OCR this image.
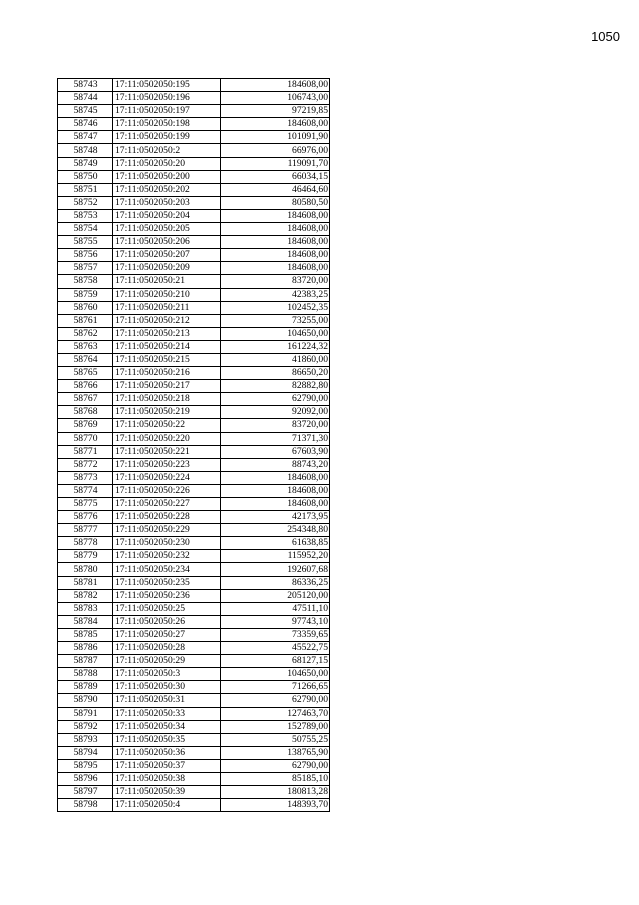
1050
58743	17:11:0502050:195	184608,00
58744	17:11:0502050:196	106743,00
58745	17:11:0502050:197	97219,85
58746	17:11:0502050:198	184608,00
58747	17:11:0502050:199	101091,90
58748	17:11:0502050:2	66976,00
58749	17:11:0502050:20	119091,70
58750	17:11:0502050:200	66034,15
58751	17:11:0502050:202	46464,60
58752	17:11:0502050:203	80580,50
58753	17:11:0502050:204	184608,00
58754	17:11:0502050:205	184608,00
58755	17:11:0502050:206	184608,00
58756	17:11:0502050:207	184608,00
58757	17:11:0502050:209	184608,00
58758	17:11:0502050:21	83720,00
58759	17:11:0502050:210	42383,25
58760	17:11:0502050:211	102452,35
58761	17:11:0502050:212	73255,00
58762	17:11:0502050:213	104650,00
58763	17:11:0502050:214	161224,32
58764	17:11:0502050:215	41860,00
58765	17:11:0502050:216	86650,20
58766	17:11:0502050:217	82882,80
58767	17:11:0502050:218	62790,00
58768	17:11:0502050:219	92092,00
58769	17:11:0502050:22	83720,00
58770	17:11:0502050:220	71371,30
58771	17:11:0502050:221	67603,90
58772	17:11:0502050:223	88743,20
58773	17:11:0502050:224	184608,00
58774	17:11:0502050:226	184608,00
58775	17:11:0502050:227	184608,00
58776	17:11:0502050:228	42173,95
58777	17:11:0502050:229	254348,80
58778	17:11:0502050:230	61638,85
58779	17:11:0502050:232	115952,20
58780	17:11:0502050:234	192607,68
58781	17:11:0502050:235	86336,25
58782	17:11:0502050:236	205120,00
58783	17:11:0502050:25	47511,10
58784	17:11:0502050:26	97743,10
58785	17:11:0502050:27	73359,65
58786	17:11:0502050:28	45522,75
58787	17:11:0502050:29	68127,15
58788	17:11:0502050:3	104650,00
58789	17:11:0502050:30	71266,65
58790	17:11:0502050:31	62790,00
58791	17:11:0502050:33	127463,70
58792	17:11:0502050:34	152789,00
58793	17:11:0502050:35	50755,25
58794	17:11:0502050:36	138765,90
58795	17:11:0502050:37	62790,00
58796	17:11:0502050:38	85185,10
58797	17:11:0502050:39	180813,28
58798	17:11:0502050:4	148393,70
